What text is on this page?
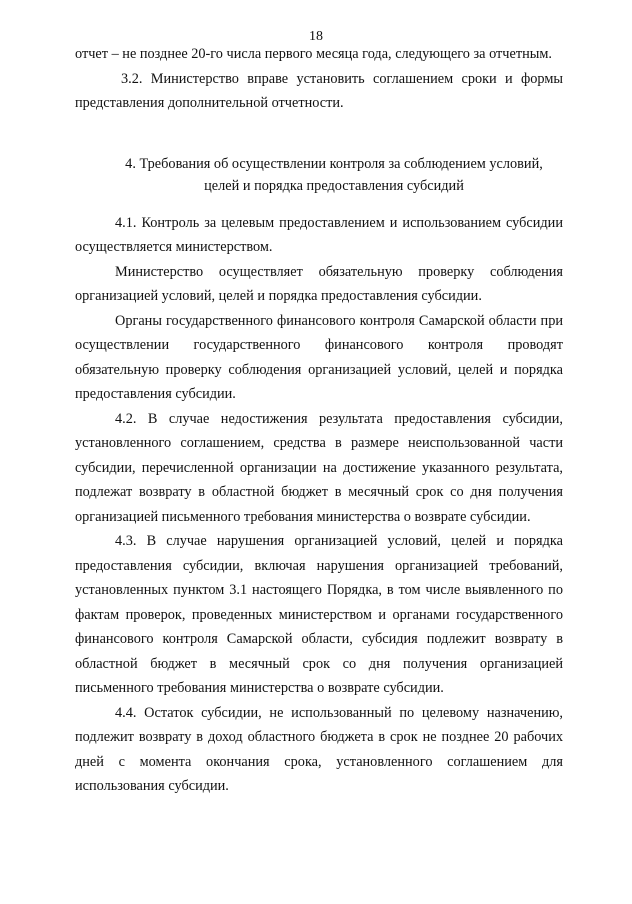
18

отчет – не позднее 20-го числа первого месяца года, следующего за отчетным.

3.2. Министерство вправе установить соглашением сроки и формы представления дополнительной отчетности.

4. Требования об осуществлении контроля за соблюдением условий, целей и порядка предоставления субсидий

4.1. Контроль за целевым предоставлением и использованием субсидии осуществляется министерством.

Министерство осуществляет обязательную проверку соблюдения организацией условий, целей и порядка предоставления субсидии.

Органы государственного финансового контроля Самарской области при осуществлении государственного финансового контроля проводят обязательную проверку соблюдения организацией условий, целей и порядка предоставления субсидии.

4.2. В случае недостижения результата предоставления субсидии, установленного соглашением, средства в размере неиспользованной части субсидии, перечисленной организации на достижение указанного результата, подлежат возврату в областной бюджет в месячный срок со дня получения организацией письменного требования министерства о возврате субсидии.

4.3. В случае нарушения организацией условий, целей и порядка предоставления субсидии, включая нарушения организацией требований, установленных пунктом 3.1 настоящего Порядка, в том числе выявленного по фактам проверок, проведенных министерством и органами государственного финансового контроля Самарской области, субсидия подлежит возврату в областной бюджет в месячный срок со дня получения организацией письменного требования министерства о возврате субсидии.

4.4. Остаток субсидии, не использованный по целевому назначению, подлежит возврату в доход областного бюджета в срок не позднее 20 рабочих дней с момента окончания срока, установленного соглашением для использования субсидии.
